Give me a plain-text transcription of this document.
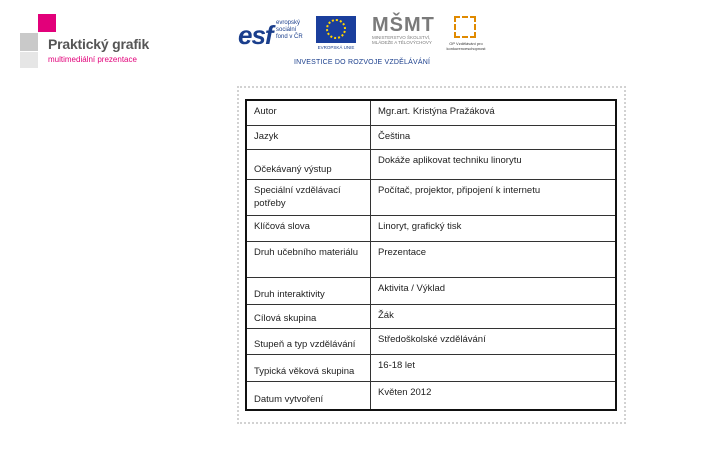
Praktický grafik
multimediální prezentace
esf evropský
sociální
fond v ČR
EVROPSKÁ UNIE
MŠMT
MINISTERSTVO ŠKOLSTVÍ, MLÁDEŽE A TĚLOVÝCHOVY	OP Vzdělávání pro konkurenceschopnost
INVESTICE DO ROZVOJE VZDĚLÁVÁNÍ
Autor	Mgr.art. Kristýna Pražáková
Jazyk	Čeština
Očekávaný výstup	Dokáže aplikovat techniku linorytu
Speciální vzdělávací potřeby	Počítač, projektor, připojení k internetu
Klíčová slova	Linoryt, grafický tisk
Druh učebního materiálu	Prezentace
Druh interaktivity	Aktivita / Výklad
Cílová skupina	Žák
Stupeň a typ vzdělávání	Středoškolské vzdělávání
Typická věková skupina	16-18 let
Datum vytvoření	Květen 2012
